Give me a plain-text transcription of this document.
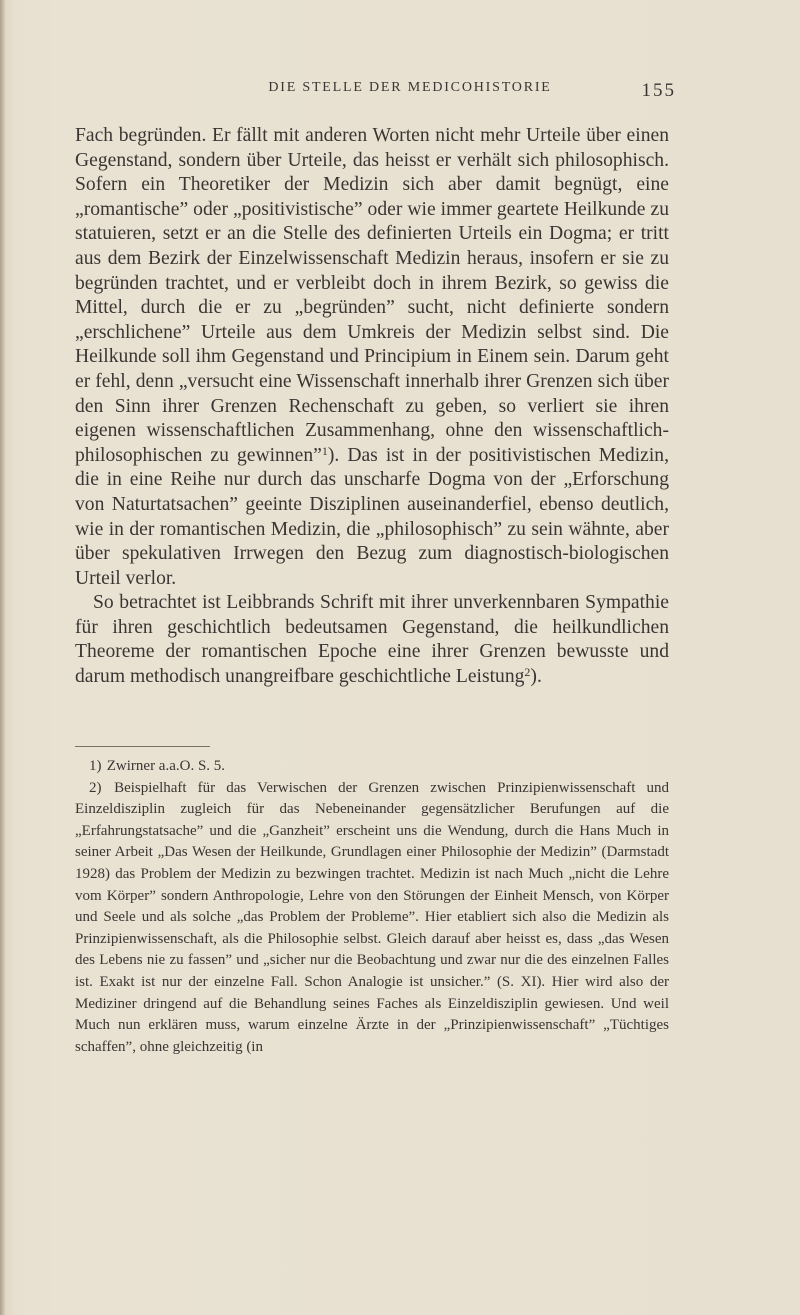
DIE STELLE DER MEDICOHISTORIE	155

Fach begründen. Er fällt mit anderen Worten nicht mehr Urteile über einen Gegenstand, sondern über Urteile, das heisst er verhält sich philosophisch. Sofern ein Theoretiker der Medizin sich aber damit begnügt, eine „romantische” oder „positivistische” oder wie immer geartete Heilkunde zu statuieren, setzt er an die Stelle des definierten Urteils ein Dogma; er tritt aus dem Bezirk der Einzelwissenschaft Medizin heraus, insofern er sie zu begründen trachtet, und er verbleibt doch in ihrem Bezirk, so gewiss die Mittel, durch die er zu „begründen” sucht, nicht definierte sondern „erschlichene” Urteile aus dem Umkreis der Medizin selbst sind. Die Heilkunde soll ihm Gegenstand und Principium in Einem sein. Darum geht er fehl, denn „versucht eine Wissenschaft innerhalb ihrer Grenzen sich über den Sinn ihrer Grenzen Rechenschaft zu geben, so verliert sie ihren eigenen wissenschaftlichen Zusammenhang, ohne den wissenschaftlich-philosophischen zu gewinnen”$^1$). Das ist in der positivistischen Medizin, die in eine Reihe nur durch das unscharfe Dogma von der „Erforschung von Naturtatsachen” geeinte Disziplinen auseinanderfiel, ebenso deutlich, wie in der romantischen Medizin, die „philosophisch” zu sein wähnte, aber über spekulativen Irrwegen den Bezug zum diagnostisch-biologischen Urteil verlor.

So betrachtet ist Leibbrands Schrift mit ihrer unverkennbaren Sympathie für ihren geschichtlich bedeutsamen Gegenstand, die heilkundlichen Theoreme der romantischen Epoche eine ihrer Grenzen bewusste und darum methodisch unangreifbare geschichtliche Leistung$^2$).

1) Zwirner a.a.O. S. 5.

2) Beispielhaft für das Verwischen der Grenzen zwischen Prinzipienwissenschaft und Einzeldisziplin zugleich für das Nebeneinander gegensätzlicher Berufungen auf die „Erfahrungstatsache” und die „Ganzheit” erscheint uns die Wendung, durch die Hans Much in seiner Arbeit „Das Wesen der Heilkunde, Grundlagen einer Philosophie der Medizin” (Darmstadt 1928) das Problem der Medizin zu bezwingen trachtet. Medizin ist nach Much „nicht die Lehre vom Körper” sondern Anthropologie, Lehre von den Störungen der Einheit Mensch, von Körper und Seele und als solche „das Problem der Probleme”. Hier etabliert sich also die Medizin als Prinzipienwissenschaft, als die Philosophie selbst. Gleich darauf aber heisst es, dass „das Wesen des Lebens nie zu fassen” und „sicher nur die Beobachtung und zwar nur die des einzelnen Falles ist. Exakt ist nur der einzelne Fall. Schon Analogie ist unsicher.” (S. XI). Hier wird also der Mediziner dringend auf die Behandlung seines Faches als Einzeldisziplin gewiesen. Und weil Much nun erklären muss, warum einzelne Ärzte in der „Prinzipienwissenschaft” „Tüchtiges schaffen”, ohne gleichzeitig (in
